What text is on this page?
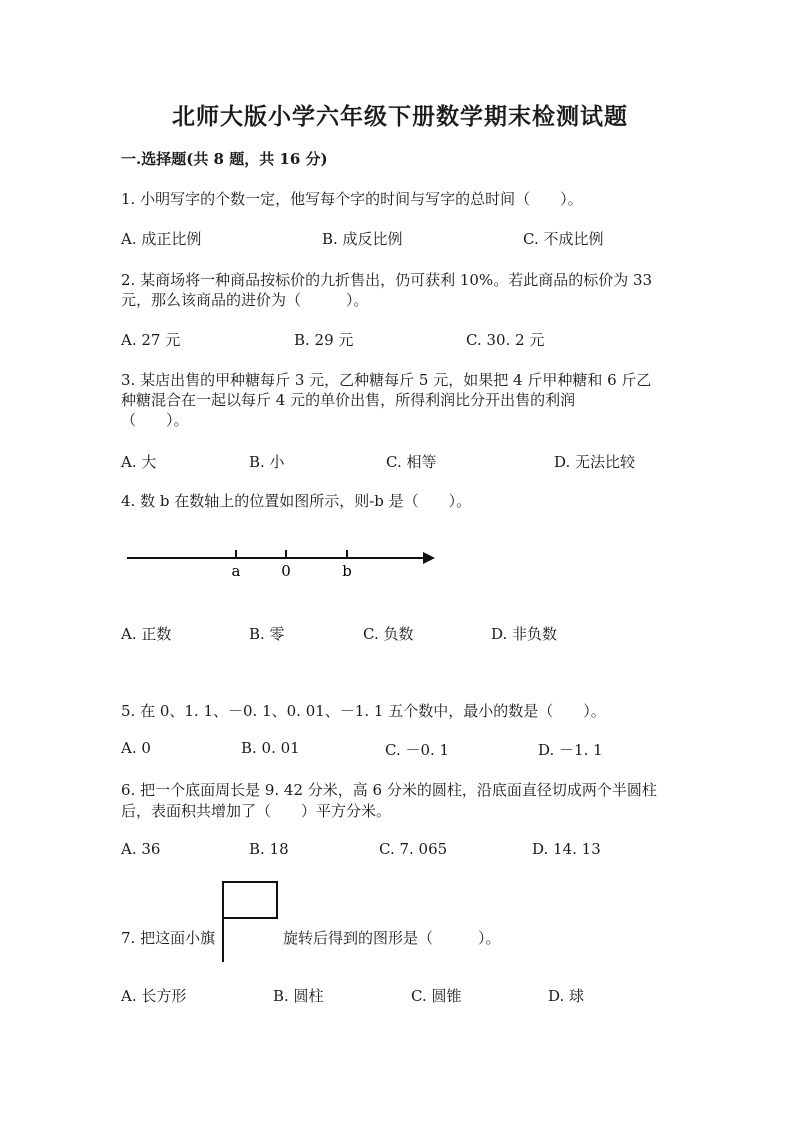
北师大版小学六年级下册数学期末检测试题
一.选择题(共 8 题，共 16 分)
1. 小明写字的个数一定，他写每个字的时间与写字的总时间（　　）。
A. 成正比例	B. 成反比例	C. 不成比例
2. 某商场将一种商品按标价的九折售出，仍可获利 10%。若此商品的标价为 33
元，那么该商品的进价为（　　　）。
A. 27 元	B. 29 元	C. 30. 2 元
3. 某店出售的甲种糖每斤 3 元，乙种糖每斤 5 元，如果把 4 斤甲种糖和 6 斤乙
种糖混合在一起以每斤 4 元的单价出售，所得利润比分开出售的利润
（　　）。
A. 大	B. 小	C. 相等	D. 无法比较
4. 数 b 在数轴上的位置如图所示，则-b 是（　　）。
a	0	b
A. 正数	B. 零	C. 负数	D. 非负数
5. 在 0、1. 1、－0. 1、0. 01、－1. 1 五个数中，最小的数是（　　）。
A. 0	B. 0. 01	C. －0. 1	D. －1. 1
6. 把一个底面周长是 9. 42 分米，高 6 分米的圆柱，沿底面直径切成两个半圆柱
后，表面积共增加了（　　）平方分米。
A. 36	B. 18	C. 7. 065	D. 14. 13
7. 把这面小旗	旋转后得到的图形是（　　　）。
A. 长方形	B. 圆柱	C. 圆锥	D. 球
